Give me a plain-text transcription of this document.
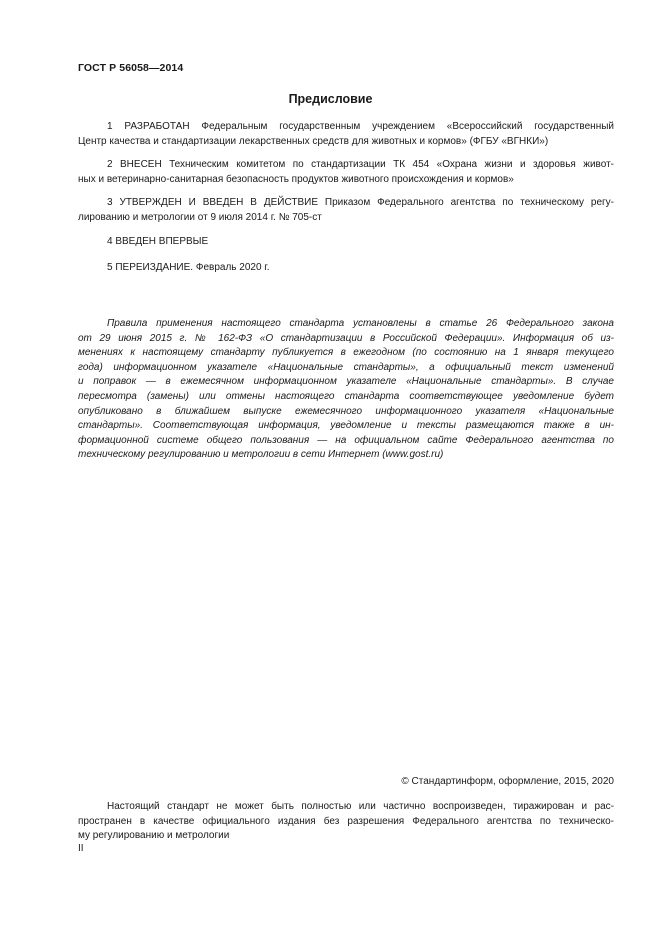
ГОСТ Р 56058—2014
Предисловие
1 РАЗРАБОТАН Федеральным государственным учреждением «Всероссийский государственный
Центр качества и стандартизации лекарственных средств для животных и кормов» (ФГБУ «ВГНКИ»)
2 ВНЕСЕН Техническим комитетом по стандартизации ТК 454 «Охрана жизни и здоровья живот-
ных и ветеринарно-санитарная безопасность продуктов животного происхождения и кормов»
3 УТВЕРЖДЕН И ВВЕДЕН В ДЕЙСТВИЕ Приказом Федерального агентства по техническому регу-
лированию и метрологии от 9 июля 2014 г. № 705-ст
4 ВВЕДЕН ВПЕРВЫЕ
5 ПЕРЕИЗДАНИЕ. Февраль 2020 г.
Правила применения настоящего стандарта установлены в статье 26 Федерального закона
от 29 июня 2015 г. № 162-ФЗ «О стандартизации в Российской Федерации». Информация об из-
менениях к настоящему стандарту публикуется в ежегодном (по состоянию на 1 января текущего
года) информационном указателе «Национальные стандарты», а официальный текст изменений
и поправок — в ежемесячном информационном указателе «Национальные стандарты». В случае
пересмотра (замены) или отмены настоящего стандарта соответствующее уведомление будет
опубликовано в ближайшем выпуске ежемесячного информационного указателя «Национальные
стандарты». Соответствующая информация, уведомление и тексты размещаются также в ин-
формационной системе общего пользования — на официальном сайте Федерального агентства по
техническому регулированию и метрологии в сети Интернет (www.gost.ru)
© Стандартинформ, оформление, 2015, 2020
Настоящий стандарт не может быть полностью или частично воспроизведен, тиражирован и рас-
пространен в качестве официального издания без разрешения Федерального агентства по техническо-
му регулированию и метрологии
II
